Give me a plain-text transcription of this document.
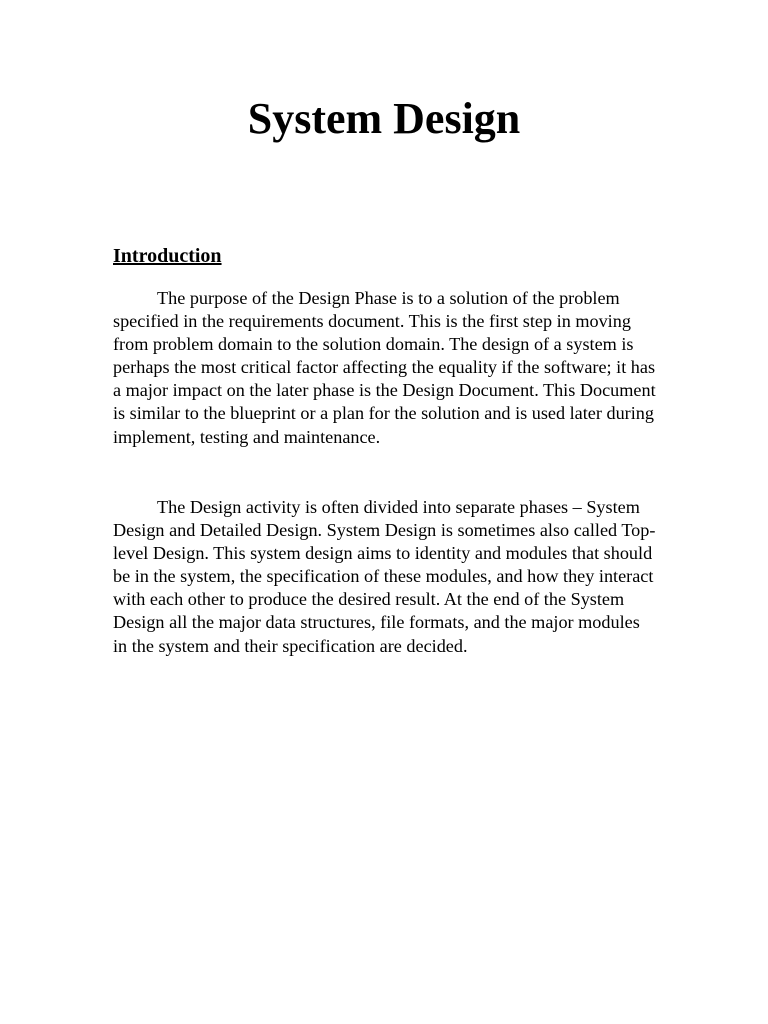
System Design
Introduction

The purpose of the Design Phase is to a solution of the problem specified in the requirements document. This is the first step in moving from problem domain to the solution domain. The design of a system is perhaps the most critical factor affecting the equality if the software; it has a major impact on the later phase is the Design Document. This Document is similar to the blueprint or a plan for the solution and is used later during implement, testing and maintenance.

The Design activity is often divided into separate phases – System Design and Detailed Design. System Design is sometimes also called Top-level Design. This system design aims to identity and modules that should be in the system, the specification of these modules, and how they interact with each other to produce the desired result. At the end of the System Design all the major data structures, file formats, and the major modules in the system and their specification are decided.
